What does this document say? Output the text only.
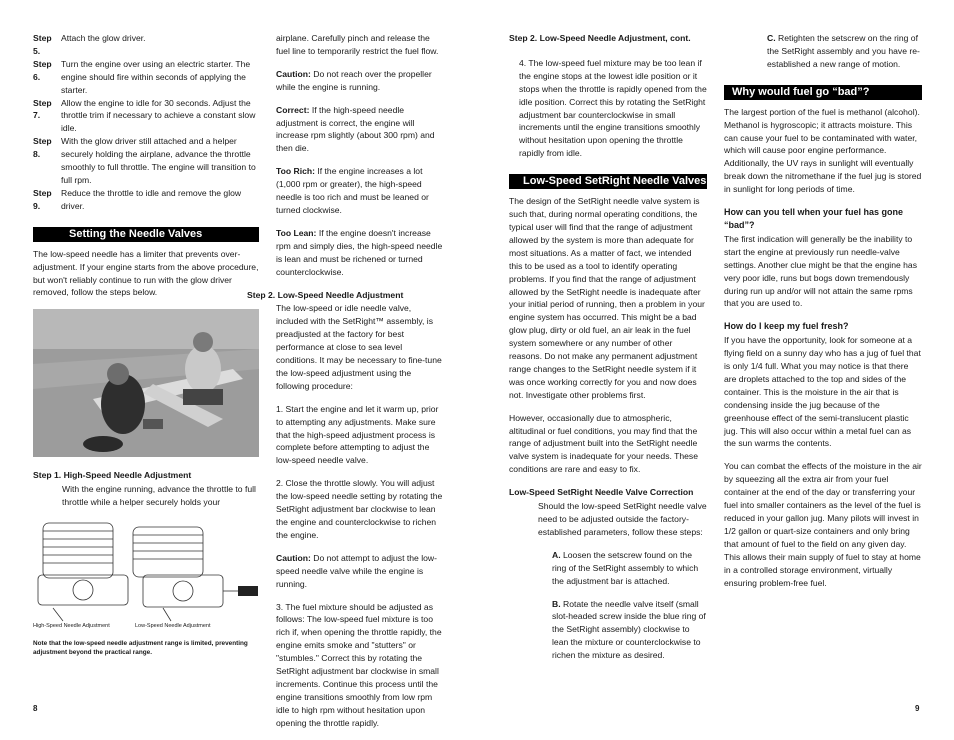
Step 5.
Attach the glow driver.
Step 6.
Turn the engine over using an electric starter. The engine should fire within seconds of applying the starter.
Step 7.
Allow the engine to idle for 30 seconds. Adjust the throttle trim if necessary to achieve a constant slow idle.
Step 8.
With the glow driver still attached and a helper securely holding the airplane, advance the throttle smoothly to full throttle. The engine will transition to full rpm.
Step 9.
Reduce the throttle to idle and remove the glow driver.
Setting the Needle Valves

The low-speed needle has a limiter that prevents over-adjustment. If your engine starts from the above procedure, but won't reliably continue to run with the glow driver removed, follow the steps below.

Step 1. High-Speed Needle Adjustment
With the engine running, advance the throttle to full throttle while a helper securely holds your
High-Speed Needle Adjustment	Low-Speed Needle Adjustment
Note that the low-speed needle adjustment range is limited, preventing adjustment beyond the practical range.

airplane. Carefully pinch and release the fuel line to temporarily restrict the fuel flow.

Caution: Do not reach over the propeller while the engine is running.

Correct: If the high-speed needle adjustment is correct, the engine will increase rpm slightly (about 300 rpm) and then die.

Too Rich: If the engine increases a lot (1,000 rpm or greater), the high-speed needle is too rich and must be leaned or turned clockwise.

Too Lean: If the engine doesn't increase rpm and simply dies, the high-speed needle is lean and must be richened or turned counterclockwise.

Step 2. Low-Speed Needle Adjustment

The low-speed or idle needle valve, included with the SetRight™ assembly, is preadjusted at the factory for best performance at close to sea level conditions. It may be necessary to fine-tune the low-speed adjustment using the following procedure:

1. Start the engine and let it warm up, prior to attempting any adjustments. Make sure that the high-speed adjustment process is complete before attempting to adjust the low-speed needle valve.

2. Close the throttle slowly. You will adjust the low-speed needle setting by rotating the SetRight adjustment bar clockwise to lean the engine and counterclockwise to richen the engine.

Caution: Do not attempt to adjust the low-speed needle valve while the engine is running.

3. The fuel mixture should be adjusted as follows: The low-speed fuel mixture is too rich if, when opening the throttle rapidly, the engine emits smoke and "stutters" or "stumbles." Correct this by rotating the SetRight adjustment bar clockwise in small increments. Continue this process until the engine transitions smoothly from low rpm idle to high rpm without hesitation upon opening the throttle rapidly.

Step 2. Low-Speed Needle Adjustment, cont.

4. The low-speed fuel mixture may be too lean if the engine stops at the lowest idle position or it stops when the throttle is rapidly opened from the idle position. Correct this by rotating the SetRight adjustment bar counterclockwise in small increments until the engine transitions smoothly without hesitation upon opening the throttle rapidly from idle.

Low-Speed SetRight Needle Valves

The design of the SetRight needle valve system is such that, during normal operating conditions, the typical user will find that the range of adjustment allowed by the system is more than adequate for most situations. As a matter of fact, we intended this to be used as a tool to identify operating problems. If you find that the range of adjustment allowed by the SetRight needle is inadequate after your initial period of running, then a problem in your engine system has occurred. This might be a bad glow plug, dirty or old fuel, an air leak in the fuel system somewhere or any number of other reasons. Do not make any permanent adjustment range changes to the SetRight needle system if it was once working correctly for you and now does not. Investigate other problems first.

However, occasionally due to atmospheric, altitudinal or fuel conditions, you may find that the range of adjustment built into the SetRight needle valve system is inadequate for your needs. These conditions are rare and easy to fix.

Low-Speed SetRight Needle Valve Correction

Should the low-speed SetRight needle valve need to be adjusted outside the factory-established parameters, follow these steps:

A. Loosen the setscrew found on the ring of the SetRight assembly to which the adjustment bar is attached.

B. Rotate the needle valve itself (small slot-headed screw inside the blue ring of the SetRight assembly) clockwise to lean the mixture or counterclockwise to richen the mixture as desired.

C. Retighten the setscrew on the ring of the SetRight assembly and you have re-established a new range of motion.

Why would fuel go “bad”?

The largest portion of the fuel is methanol (alcohol). Methanol is hygroscopic; it attracts moisture. This can cause your fuel to be contaminated with water, which will cause poor engine performance. Additionally, the UV rays in sunlight will eventually break down the nitromethane if the fuel jug is stored in sunlight for long periods of time.

How can you tell when your fuel has gone “bad”?

The first indication will generally be the inability to start the engine at previously run needle-valve settings. Another clue might be that the engine has very poor idle, runs but bogs down tremendously during run up and/or will not attain the same rpms that you are used to.

How do I keep my fuel fresh?

If you have the opportunity, look for someone at a flying field on a sunny day who has a jug of fuel that is only 1/4 full. What you may notice is that there are droplets attached to the top and sides of the container. This is the moisture in the air that is condensing inside the jug because of the greenhouse effect of the semi-translucent plastic jug. This will also occur within a metal fuel can as the sun warms the contents.

You can combat the effects of the moisture in the air by squeezing all the extra air from your fuel container at the end of the day or transferring your fuel into smaller containers as the level of the fuel is reduced in your gallon jug. Many pilots will invest in 1/2 gallon or quart-size containers and only bring that amount of fuel to the field on any given day. This allows their main supply of fuel to stay at home in a controlled storage environment, virtually ensuring problem-free fuel.

8	9
